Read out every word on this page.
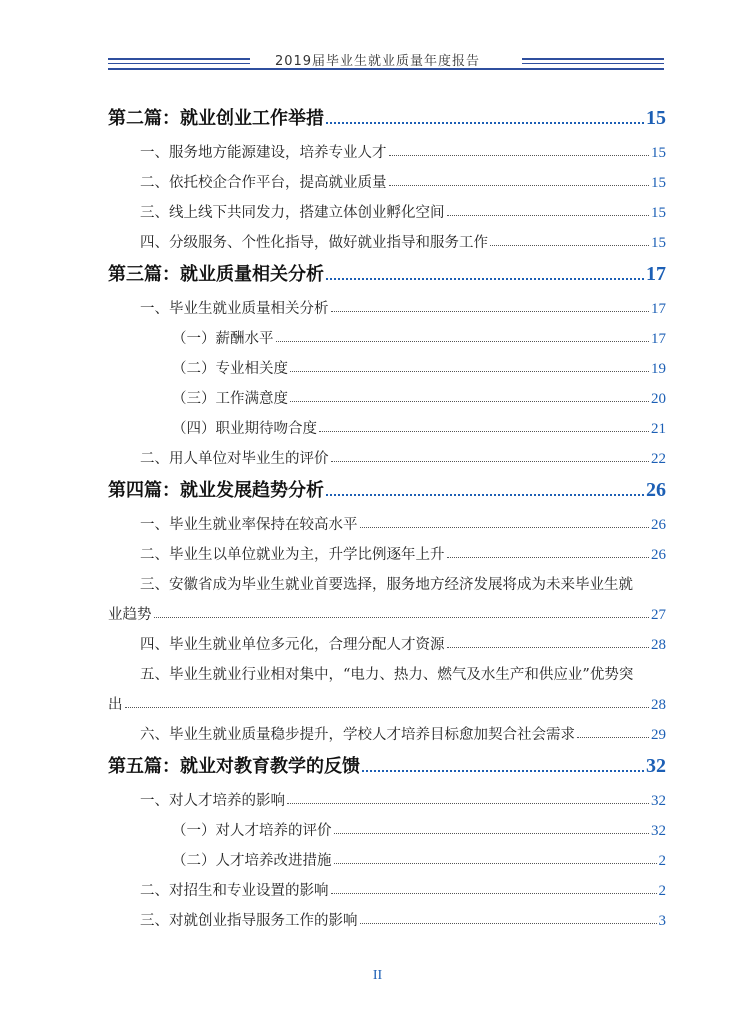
2019届毕业生就业质量年度报告
第二篇：就业创业工作举措	15
一、服务地方能源建设，培养专业人才	15
二、依托校企合作平台，提高就业质量	15
三、线上线下共同发力，搭建立体创业孵化空间	15
四、分级服务、个性化指导，做好就业指导和服务工作	15
第三篇：就业质量相关分析	17
一、毕业生就业质量相关分析	17
（一）薪酬水平	17
（二）专业相关度	19
（三）工作满意度	20
（四）职业期待吻合度	21
二、用人单位对毕业生的评价	22
第四篇：就业发展趋势分析	26
一、毕业生就业率保持在较高水平	26
二、毕业生以单位就业为主，升学比例逐年上升	26
三、安徽省成为毕业生就业首要选择，服务地方经济发展将成为未来毕业生就
业趋势	27
四、毕业生就业单位多元化，合理分配人才资源	28
五、毕业生就业行业相对集中，“电力、热力、燃气及水生产和供应业”优势突
出	28
六、毕业生就业质量稳步提升，学校人才培养目标愈加契合社会需求	29
第五篇：就业对教育教学的反馈	32
一、对人才培养的影响	32
（一）对人才培养的评价	32
（二）人才培养改进措施	2
二、对招生和专业设置的影响	2
三、对就创业指导服务工作的影响	3
II
